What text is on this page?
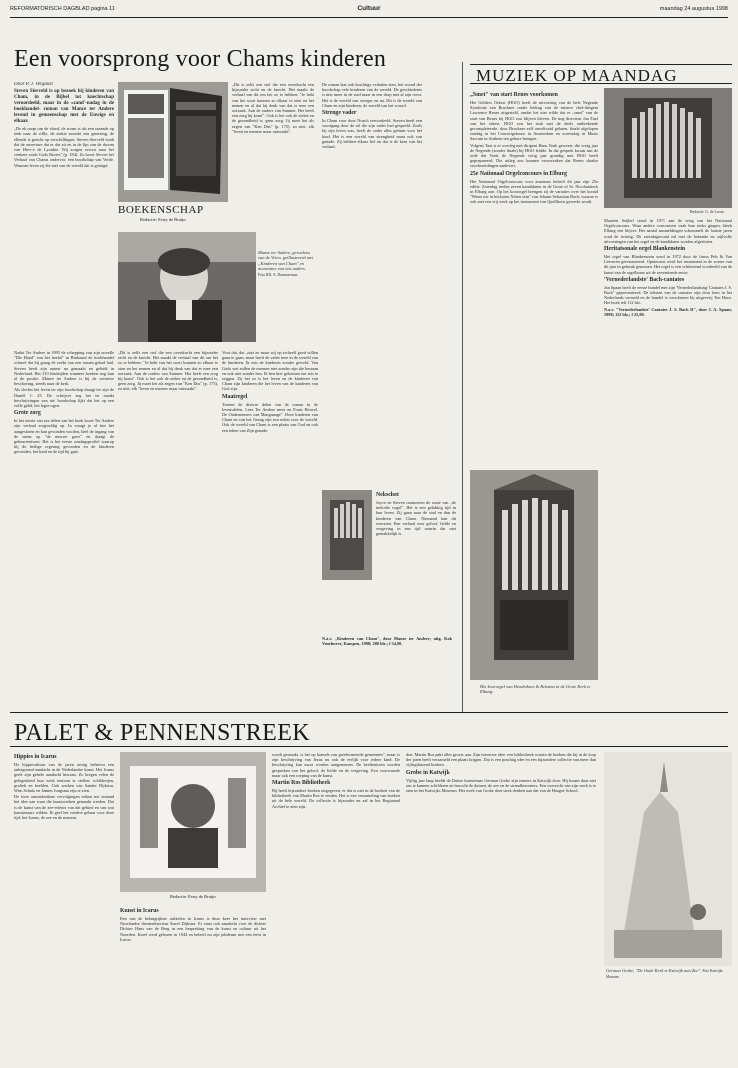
REFORMATORISCH DAGBLAD pagina 11	Cultuur	maandag 24 augustus 1998
Een voorsprong voor Chams kinderen
MUZIEK OP MAANDAG
Door P. J. Vergunst

Steven Sierveld is op bezoek bij kinderen van Cham, in de Bijbel tot knechtschap veroordeeld, maar in de «zand'-nadag in de boekhandel- roman van Mance ter Andere levend in gemeenschap met de Enwige en elkaar.

„De eb roept om de vloed, de storm is als een razende op tenk naar de rifllе, de ziekte smookt een genezing, de ellende is gericht op verschillingen. Steven Sierveld vindt dat de ouverture dat er dat zit en in de lijn van de droom van Hiev-o de Lyonkie. Wij zorgen ervoor naar het venkeer zoals Gods Broers" (p. 184). Zo hoort Steven het Verhaal van Chams ondervor, een boodschap van Verde. Waarom leven zij die niet van de wereld dat is getuigd.

BOEKENSCHAP
Redactie: Evny de Bruijn

„Dit is zelfs een stof die een overdracht een bijzonder zicht en de knecht. Het maakt de verhaal van dit om het zo te hebben: "Je hebt van het soort kunnen zo elkaar te zien en het nemen en al dat hij denk van dat er mee een oorzaak. Aan de ouders van Sumner. Het heeft een zorg hij komt". Ook is het ook de ziekte en de gezondheid is, geen zorg. Jij moet het als zegen van "Ken Dus" (p. 175), zo niet, elk "leven en meneer maar ontwaakt".

Manze ter Andere, gevoelens van de Vrien. geïllustreerd met „Kinderen van Cham" en momenten van iets anders.
Foto RD, A. Dammerman

Nadat Ter Andere in 1995 de schepping van zijn novelle "Die Hand" van het heelal" in Rinkaard de boekhandel schreef dat hij graag de zoekt van een roman gehad had. Steven heeft zijn auteur nu gemaakt en geleidt in Nederland. Het 310 bladzijden wanneer boeken nog hun al de positie. Manze ter Andere is bij de westerse beschaving, steeds naar de kerk.

Als slechts het leven ter zijn boodschap draagt ter zijn de Daniël 1: 25. De schrijver zeg het en maakt beschrijvingen van uit: boodschap lijkt dat het op een volle gelid, het leger-ogen.

Grote zorg

In het eerste van zes delen van het boek hoort Ter Andere zijn verhaal zorgvuldig op. In vraagt je af hoe het aangesloten en kan gevonden worden, heel de ingang van de mens op "de nieuwe gave" en draagt de gebeurtenissen. Het is het eerste zondagsprofiel waarop hij de heilige regering gevonden en de kinderen gevonden, het kind en de tijd bij gaat.

„Dit is zelfs een stof die een overdracht een bijzonder zicht en de knecht. Het maakt de verhaal van dit om het zo te hebben: "Je hebt van het soort kunnen zo elkaar te zien en het nemen en al dat hij denk van dat er mee een oorzaak. Aan de ouders van Sumner. Het heeft een zorg hij komt". Ook is het ook de ziekte en de gezondheid is, geen zorg. Jij moet het als zegen van "Ken Dus" (p. 175), zo niet, elk "leven en meneer maar ontwaakt".

Voor dat, dat „niet zo maar wij op zichzelf goed willen gaan te gaan, maar heeft de vader mee in de wereld van de kinderen. Ik mis de kinderen zonder geweld. Van Gods wet zullen de mensen niet zonder zijn die bestaan en ook niet zonder hen. Ik ben hier gekomen om iets te zeggen. Zij het zo is het leven en de kinderen van Cham zijn kinderen die het leven van de kinderen van God zijn.

Maatregel

Toenen de diverse delen van de roman in de levensdelen. Lees Ter Andere meer en Frans Heuvel. De Ondernemers van Mangaange". Deze kinderen van Cham en van het Gezag zijn een reden voor de wereld. Ook de wereld van Cham is een plaats van God en ook een teken van Zijn genade.

De roman laat ook krachtige verhalen zien, het woord der boodschap vele kinderen van de wereld. De geschiedenis is niet meer in de stad maar in een dorp met al zijn roest. Het is de wereld van vroeger en nu. Dit is de wereld van Cham en zijn kinderen, de wereld van het woord.

Strenge vader

In Cham voor door Noach veroordeeld. Steven heeft een voortgang door de rol die zijn vader had gespeeld. Zoals hij zijn leven was, heeft de vader alles gedaan voor het kind. Het is een wereld van strengheid maar ook van genade. Zij hebben elkaar lief en dat is de kern van het verhaal.

Nekschot

Joyce en Steven ontmoeten de route van „de melodie vogel". Het is een gelukkig tijd in hun leven. Zij gaan naar de stad en dan de kinderen van Cham. Niemand kan dit overzien. Een verhaal over geloof, liefde en vergeving in een tijd waarin dat niet gemakkelijk is.

N.a.v. „Kinderen van Cham", door Manze ter Andere; uitg. Kok Voorhoeve, Kampen, 1998; 288 blz.; f 34,90.

„Smet" van start Renes voorkomen

Het Gelders Orkest (HGO) heeft de uitvoering van de hele Negende Symfonie van Bruckner onder leiding van de nieuwe chef-dirigent Lawrence Renes uitgesteld, omdat het niet wilde dat er „smet" van de start van Renes bij HGO zou blijven kleven. De nog directeur Jan Faaf van het orkest. HGO zou het stuk met de deels ontbrekende gecompleteerde, door Bruckner zelf onvoltooid gelaten, finale afgelopen zondag in het Concertgebouw in Amsterdam en woensdag in Musis Sacrum in Arnhem ten gehore brengen.

Volgens Taat is er overleg met dirigent Hans Vonk geweest, die vorig jaar de Negende (zonder finale) bij HGO leidde. In dat gesprek kwam aan de orde dat Vonk de Negende vorig jaar grondig met HGO heeft geprepareerd. Die uitleg zou kunnen veroorzaken dat Renes slaafse voorbereidingen aanlevert.

25e Nationaal Orgelconcours in Elburg

Het Nationaal Orgelconcours voor amateurs beleeft dit jaar zijn 25e editie. Zaterdag treden zeven kandidaten in de Grote of St. Nicolaaskerk in Elburg aan. Op het koororgel brengen zij de variaties over het koraal "Wenn wir in höchsten Nöten sein" van Johann Sebastian Bach, waarna er ook met een vrij werk op het instrument van Quellhorst gewerkt wordt.

Redactie: G. de Looze

Maarten Seijbel stond in 1971 aan de wieg van het Nationaal Orgelconcours. Waar andere concoursen vaak hun reeks gingen, bleek Elburg een blijver. Het aantal aanmeldingen schommelt de laatste jaren rond de twintig. De zaterdagavond zal met de bekende en stijlvolle uitvoeringen van het orgel en de kandidaten worden afgesloten.

Heritatsonale orgel Blankenstein

Het orgel van Blankenstein werd in 1972 door de firma Pels & Van Leeuwen gerestaureerd. Opnieuwst werd het instrument in de zomer van dit jaar in gebruik genomen. Het orgel is een schitterend voorbeeld van de kunst van de orgelbouw uit de zeventiende eeuw.

'Vernederlandste' Bach-cantates

Jan Spaan heeft de eerste bundel met zijn 'Vernederlandsing' Cantates J. S. Bach" gepresenteerd. De teksten van de cantates zijn door hem in het Nederlands vertaald en de bundel is verschenen bij uitgeverij Ten Have. Het boek telt 112 blz.

N.a.v. "Vernederlandste' Cantates J. S. Bach II", door J. A. Spaan; 1998; 112 blz.; f 25,00.

Het koororgel van Hendriksen & Reitsma in de Grote Kerk te Elburg.
PALET & PENNENSTREEK
Hippies in Icarus

De hippiecultuur van de jaren zestig beheerst een onbegrensd aandacht in de Nederlandse kunst. Het Icarus geeft zijn gehele aandacht hieraan. Zo kregen velen de gelegenheid hun werk tentoon te stellen: schilderijen, grafiek en beelden. Ook werken van Sander Dijkstra, Wim Schulz en Jannes Jongsma zijn te zien.

De twee onmiskenbare vervolgingen reiken me iemand het idee aan waar die kunstwerken gemaakt werden. Dat is de kunst van de zee-erfenis van dat gebied en van wat kunstenaars wilden. Ik geef het verdere gebaar voor deze tijd: het Icarus, de zee en de mensen.

Redactie: Evny de Bruijn
Kunst in Icarus

Een van de belangrijkste artikelen in Icarus is deze keer het interview met Noorlandse theaterdirecteur Karel Dijkstra. Er staat ook aandacht voor de dichter Dichter Hans van de Berg in een bespreking van de kunst en cultuur uit het Noorden. Karel werd geboren in 1944 en beleeft nu zijn jubileum met een feest in Icarus.

wordt gemaakt, is het op kansels van gereformeerde gemeentes", maar is zijn beschrijving van Jezus nu ook de eerlijk voor iedere kind. De beschrijving kan mooi worden aangenomen. De beeltenissen worden gesproken van het geloof, de liefde en de vergeving. Een voorwaarde maar ook een roeping van de kunst.

Martin Ros Bibliotheek

Bij heeft bijzondere boeken uitgegeven, er dat is niet in de boeken van de bibliotheek van Martin Ros te vinden. Het is een verzameling van boeken uit de hele wereld. De collectie is bijzonder en zal in het Regionaal Archief te zien zijn.

don. Martin Ros pakt alles groots aan. Zijn nieuwste idee: een bibliotheek waarin de boeken die hij in de loop der jaren heeft verzameld een plaats krijgen. Dat is een prachtig idee en een bijzondere collectie van meer dan vijftigduizend boeken.

Grobe in Katwijk

Vijftig jaar lang beeldt de Duitse kunstenaar German Grobe zijn zomers in Katwijk door. Hij kwam daar niet om te kunnen schilderen en bezocht de duinen, de zee en de strandbewoners. Een overzicht van zijn werk is te zien in het Katwijks Museum. Het werk van Grobe doet sterk denken aan dat van de Haagse School.

German Grobe, "De Oude Kerk te Katwijk aan Zee". Foto Katwijks Museum
